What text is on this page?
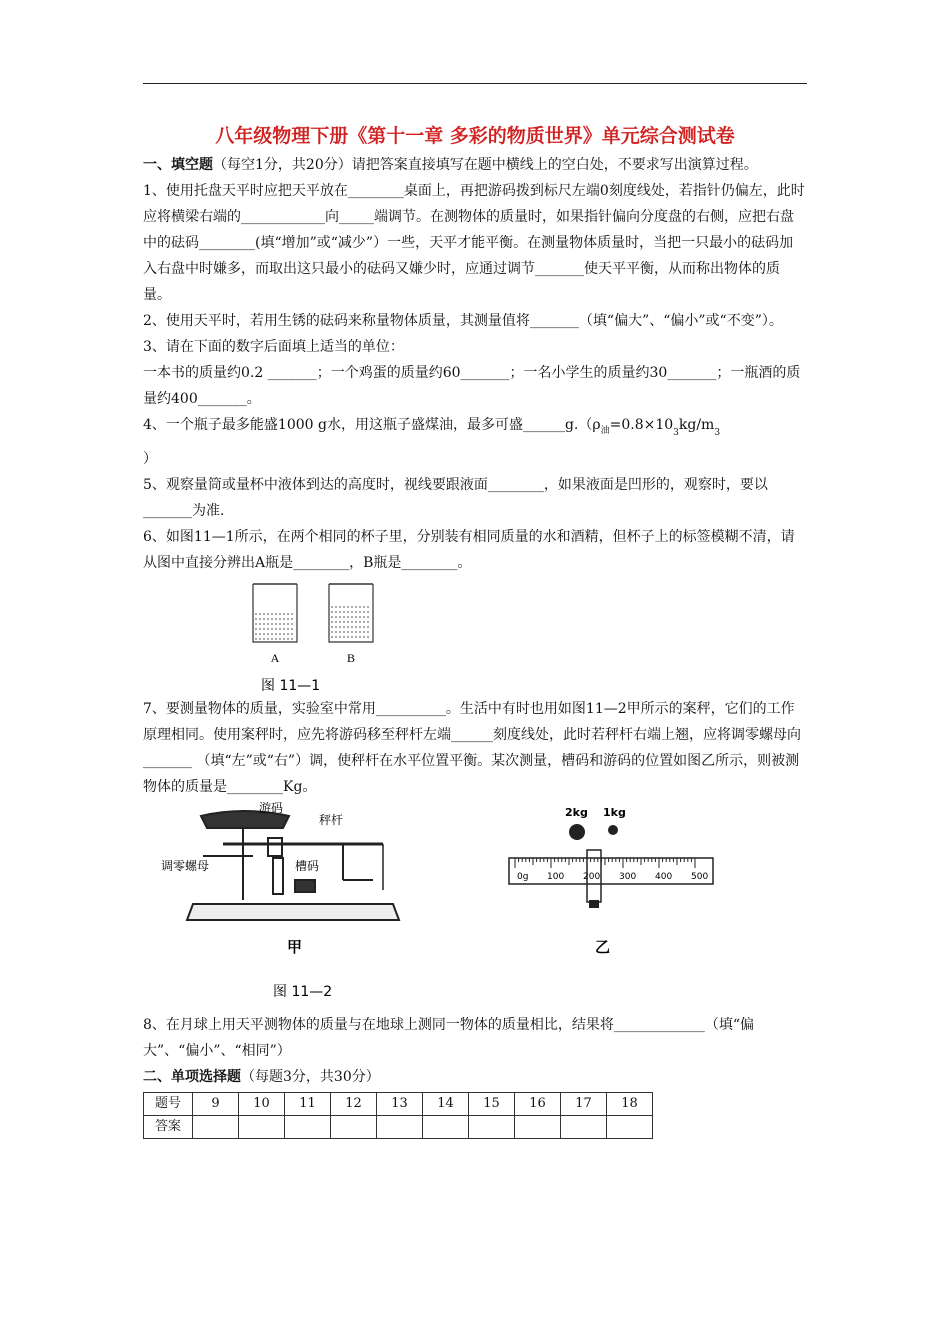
八年级物理下册《第十一章 多彩的物质世界》单元综合测试卷

一、填空题（每空1分，共20分）请把答案直接填写在题中横线上的空白处，不要求写出演算过程。

1、使用托盘天平时应把天平放在________桌面上，再把游码拨到标尺左端0刻度线处，若指针仍偏左，此时应将横梁右端的____________向_____端调节。在测物体的质量时，如果指针偏向分度盘的右侧，应把右盘中的砝码________(填“增加”或“减少”）一些，天平才能平衡。在测量物体质量时，当把一只最小的砝码加入右盘中时嫌多，而取出这只最小的砝码又嫌少时，应通过调节_______使天平平衡，从而称出物体的质量。

2、使用天平时，若用生锈的砝码来称量物体质量，其测量值将_______（填“偏大”、“偏小”或“不变”）。

3、请在下面的数字后面填上适当的单位：

一本书的质量约0.2 _______；一个鸡蛋的质量约60_______；一名小学生的质量约30_______；一瓶酒的质量约400_______。

4、一个瓶子最多能盛1000 g水，用这瓶子盛煤油，最多可盛$\_\_\_\_\_\_g.(\rho_油=0.8\times 10_3kg/m_3$
）

5、观察量筒或量杯中液体到达的高度时，视线要跟液面________，如果液面是凹形的，观察时，要以_______为准.

6、如图11—1所示，在两个相同的杯子里，分别装有相同质量的水和酒精，但杯子上的标签模糊不清，请从图中直接分辨出A瓶是________，B瓶是________。

A	B
图 11—1

7、要测量物体的质量，实验室中常用__________。生活中有时也用如图11—2甲所示的案秤，它们的工作原理相同。使用案秤时，应先将游码移至秤杆左端______刻度线处，此时若秤杆右端上翘，应将调零螺母向_______ （填“左”或“右”）调，使秤杆在水平位置平衡。某次测量，槽码和游码的位置如图乙所示，则被测物体的质量是________Kg。

游码
秤杆
槽码
调零螺母
甲
2kg 1kg
0g 100 200 300 400 500
乙
图 11—2

8、在月球上用天平测物体的质量与在地球上测同一物体的质量相比，结果将_____________（填“偏大”、“偏小”、“相同”）

二、单项选择题（每题3分，共30分）

题号	9	10	11	12	13	14	15	16	17	18
答案										
